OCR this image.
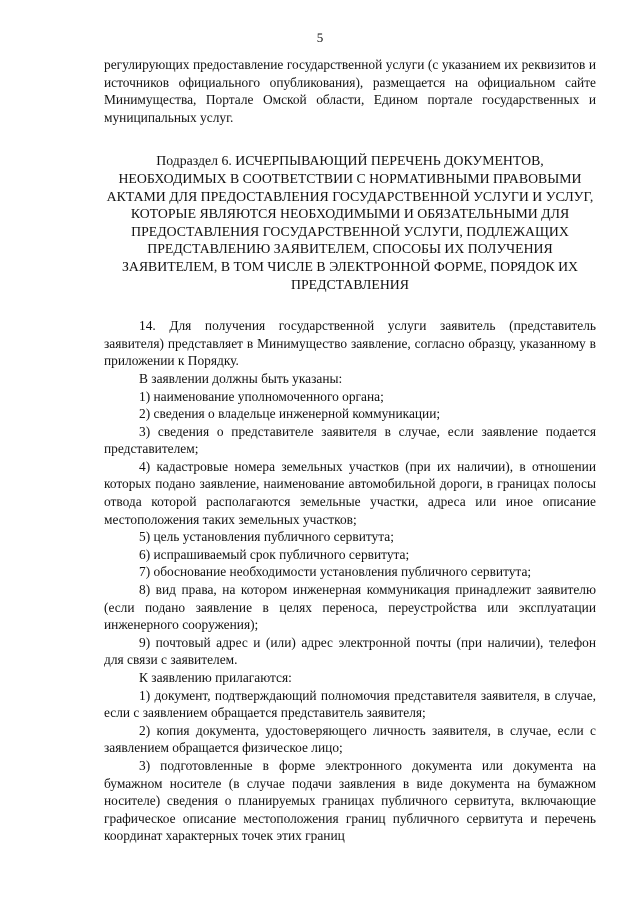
5

регулирующих предоставление государственной услуги (с указанием их реквизитов и источников официального опубликования), размещается на официальном сайте Минимущества, Портале Омской области, Едином портале государственных и муниципальных услуг.

Подраздел 6. ИСЧЕРПЫВАЮЩИЙ ПЕРЕЧЕНЬ ДОКУМЕНТОВ, НЕОБХОДИМЫХ В СООТВЕТСТВИИ С НОРМАТИВНЫМИ ПРАВОВЫМИ АКТАМИ ДЛЯ ПРЕДОСТАВЛЕНИЯ ГОСУДАРСТВЕННОЙ УСЛУГИ И УСЛУГ, КОТОРЫЕ ЯВЛЯЮТСЯ НЕОБХОДИМЫМИ И ОБЯЗАТЕЛЬНЫМИ ДЛЯ ПРЕДОСТАВЛЕНИЯ ГОСУДАРСТВЕННОЙ УСЛУГИ, ПОДЛЕЖАЩИХ ПРЕДСТАВЛЕНИЮ ЗАЯВИТЕЛЕМ, СПОСОБЫ ИХ ПОЛУЧЕНИЯ ЗАЯВИТЕЛЕМ, В ТОМ ЧИСЛЕ В ЭЛЕКТРОННОЙ ФОРМЕ, ПОРЯДОК ИХ ПРЕДСТАВЛЕНИЯ

14. Для получения государственной услуги заявитель (представитель заявителя) представляет в Минимущество заявление, согласно образцу, указанному в приложении к Порядку.

В заявлении должны быть указаны:

1) наименование уполномоченного органа;

2) сведения о владельце инженерной коммуникации;

3) сведения о представителе заявителя в случае, если заявление подается представителем;

4) кадастровые номера земельных участков (при их наличии), в отношении которых подано заявление, наименование автомобильной дороги, в границах полосы отвода которой располагаются земельные участки, адреса или иное описание местоположения таких земельных участков;

5) цель установления публичного сервитута;

6) испрашиваемый срок публичного сервитута;

7) обоснование необходимости установления публичного сервитута;

8) вид права, на котором инженерная коммуникация принадлежит заявителю (если подано заявление в целях переноса, переустройства или эксплуатации инженерного сооружения);

9) почтовый адрес и (или) адрес электронной почты (при наличии), телефон для связи с заявителем.

К заявлению прилагаются:

1) документ, подтверждающий полномочия представителя заявителя, в случае, если с заявлением обращается представитель заявителя;

2) копия документа, удостоверяющего личность заявителя, в случае, если с заявлением обращается физическое лицо;

3) подготовленные в форме электронного документа или документа на бумажном носителе (в случае подачи заявления в виде документа на бумажном носителе) сведения о планируемых границах публичного сервитута, включающие графическое описание местоположения границ публичного сервитута и перечень координат характерных точек этих границ
